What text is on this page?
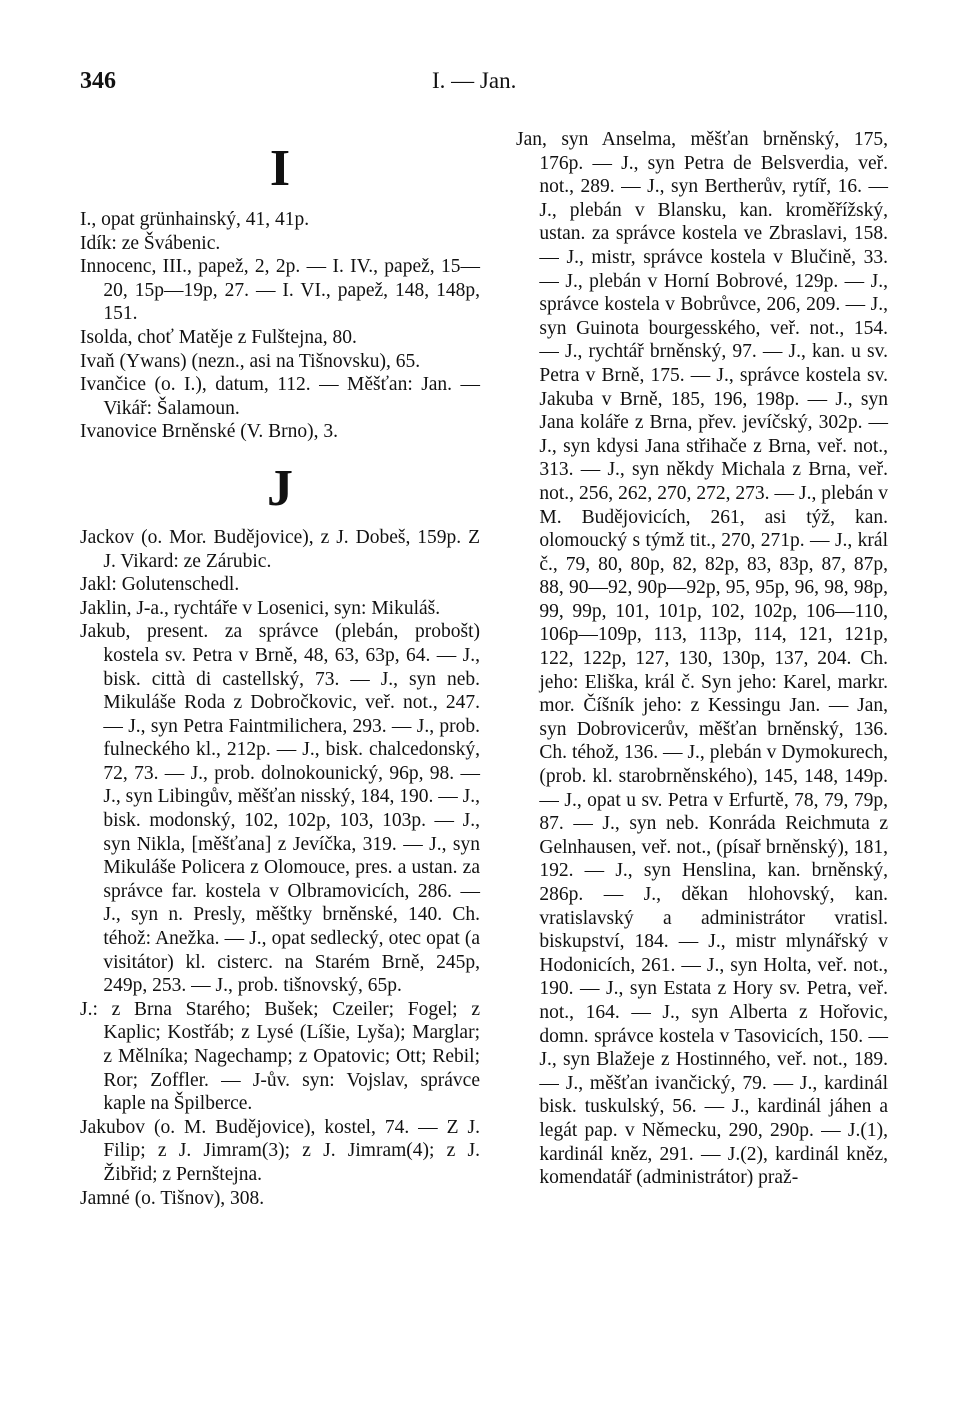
346	I. — Jan.
I

I., opat grünhainský, 41, 41p.

Idík: ze Švábenic.

Innocenc, III., papež, 2, 2p. — I. IV., papež, 15—20, 15p—19p, 27. — I. VI., papež, 148, 148p, 151.

Isolda, choť Matěje z Fulštejna, 80.

Ivaň (Ywans) (nezn., asi na Tišnovsku), 65.

Ivančice (o. I.), datum, 112. — Měšťan: Jan. — Vikář: Šalamoun.

Ivanovice Brněnské (V. Brno), 3.

J

Jackov (o. Mor. Budějovice), z J. Dobeš, 159p. Z J. Vikard: ze Zárubic.

Jakl: Golutenschedl.

Jaklin, J-a., rychtáře v Losenici, syn: Mikuláš.

Jakub, present. za správce (plebán, probošt) kostela sv. Petra v Brně, 48, 63, 63p, 64. — J., bisk. città di castellský, 73. — J., syn neb. Mikuláše Roda z Dobročkovic, veř. not., 247. — J., syn Petra Faintmilichera, 293. — J., prob. fulneckého kl., 212p. — J., bisk. chalcedonský, 72, 73. — J., prob. dolnokounický, 96p, 98. — J., syn Libingův, měšťan nisský, 184, 190. — J., bisk. modonský, 102, 102p, 103, 103p. — J., syn Nikla, [měšťana] z Jevíčka, 319. — J., syn Mikuláše Policera z Olomouce, pres. a ustan. za správce far. kostela v Olbramovicích, 286. — J., syn n. Presly, měštky brněnské, 140. Ch. téhož: Anežka. — J., opat sedlecký, otec opat (a visitátor) kl. cisterc. na Starém Brně, 245p, 249p, 253. — J., prob. tišnovský, 65p.

J.: z Brna Starého; Bušek; Czeiler; Fogel; z Kaplic; Kostřáb; z Lysé (Líšie, Lyša); Marglar; z Mělníka; Nagechamp; z Opatovic; Ott; Rebil; Ror; Zoffler. — J-ův. syn: Vojslav, správce kaple na Špilberce.

Jakubov (o. M. Budějovice), kostel, 74. — Z J. Filip; z J. Jimram(3); z J. Jimram(4); z J. Žibřid; z Pernštejna.

Jamné (o. Tišnov), 308.

Jan, syn Anselma, měšťan brněnský, 175, 176p. — J., syn Petra de Belsverdia, veř. not., 289. — J., syn Bertherův, rytíř, 16. — J., plebán v Blansku, kan. kroměřížský, ustan. za správce kostela ve Zbraslavi, 158. — J., mistr, správce kostela v Blučině, 33. — J., plebán v Horní Bobrové, 129p. — J., správce kostela v Bobrůvce, 206, 209. — J., syn Guinota bourgesského, veř. not., 154. — J., rychtář brněnský, 97. — J., kan. u sv. Petra v Brně, 175. — J., správce kostela sv. Jakuba v Brně, 185, 196, 198p. — J., syn Jana koláře z Brna, přev. jevíčský, 302p. — J., syn kdysi Jana střihače z Brna, veř. not., 313. — J., syn někdy Michala z Brna, veř. not., 256, 262, 270, 272, 273. — J., plebán v M. Budějovicích, 261, asi týž, kan. olomoucký s týmž tit., 270, 271p. — J., král č., 79, 80, 80p, 82, 82p, 83, 83p, 87, 87p, 88, 90—92, 90p—92p, 95, 95p, 96, 98, 98p, 99, 99p, 101, 101p, 102, 102p, 106—110, 106p—109p, 113, 113p, 114, 121, 121p, 122, 122p, 127, 130, 130p, 137, 204. Ch. jeho: Eliška, král č. Syn jeho: Karel, markr. mor. Číšník jeho: z Kessingu Jan. — Jan, syn Dobrovicerův, měšťan brněnský, 136. Ch. téhož, 136. — J., plebán v Dymokurech, (prob. kl. starobrněnského), 145, 148, 149p. — J., opat u sv. Petra v Erfurtě, 78, 79, 79p, 87. — J., syn neb. Konráda Reichmuta z Gelnhausen, veř. not., (písař brněnský), 181, 192. — J., syn Henslina, kan. brněnský, 286p. — J., děkan hlohovský, kan. vratislavský a administrátor vratisl. biskupství, 184. — J., mistr mlynářský v Hodonicích, 261. — J., syn Holta, veř. not., 190. — J., syn Estata z Hory sv. Petra, veř. not., 164. — J., syn Alberta z Hořovic, domn. správce kostela v Tasovicích, 150. — J., syn Blažeje z Hostinného, veř. not., 189. — J., měšťan ivančický, 79. — J., kardinál bisk. tuskulský, 56. — J., kardinál jáhen a legát pap. v Německu, 290, 290p. — J.(1), kardinál kněz, 291. — J.(2), kardinál kněz, komendatář (administrátor) praž-
